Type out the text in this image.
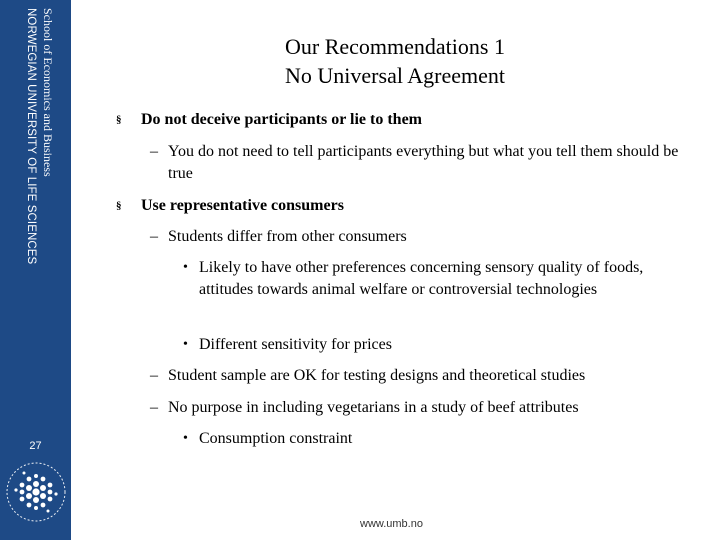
School of Economics and Business
NORWEGIAN UNIVERSITY OF LIFE SCIENCES
27
Our Recommendations 1
No Universal Agreement
§ Do not deceive participants or lie to them
– You do not need to tell participants everything but what you tell them should be true
§ Use representative consumers
– Students differ from other consumers
• Likely to have other preferences concerning sensory quality of foods, attitudes towards animal welfare or controversial technologies
• Different sensitivity for prices
– Student sample are OK for testing designs and theoretical studies
– No purpose in including vegetarians in a study of beef attributes
• Consumption constraint
www.umb.no
